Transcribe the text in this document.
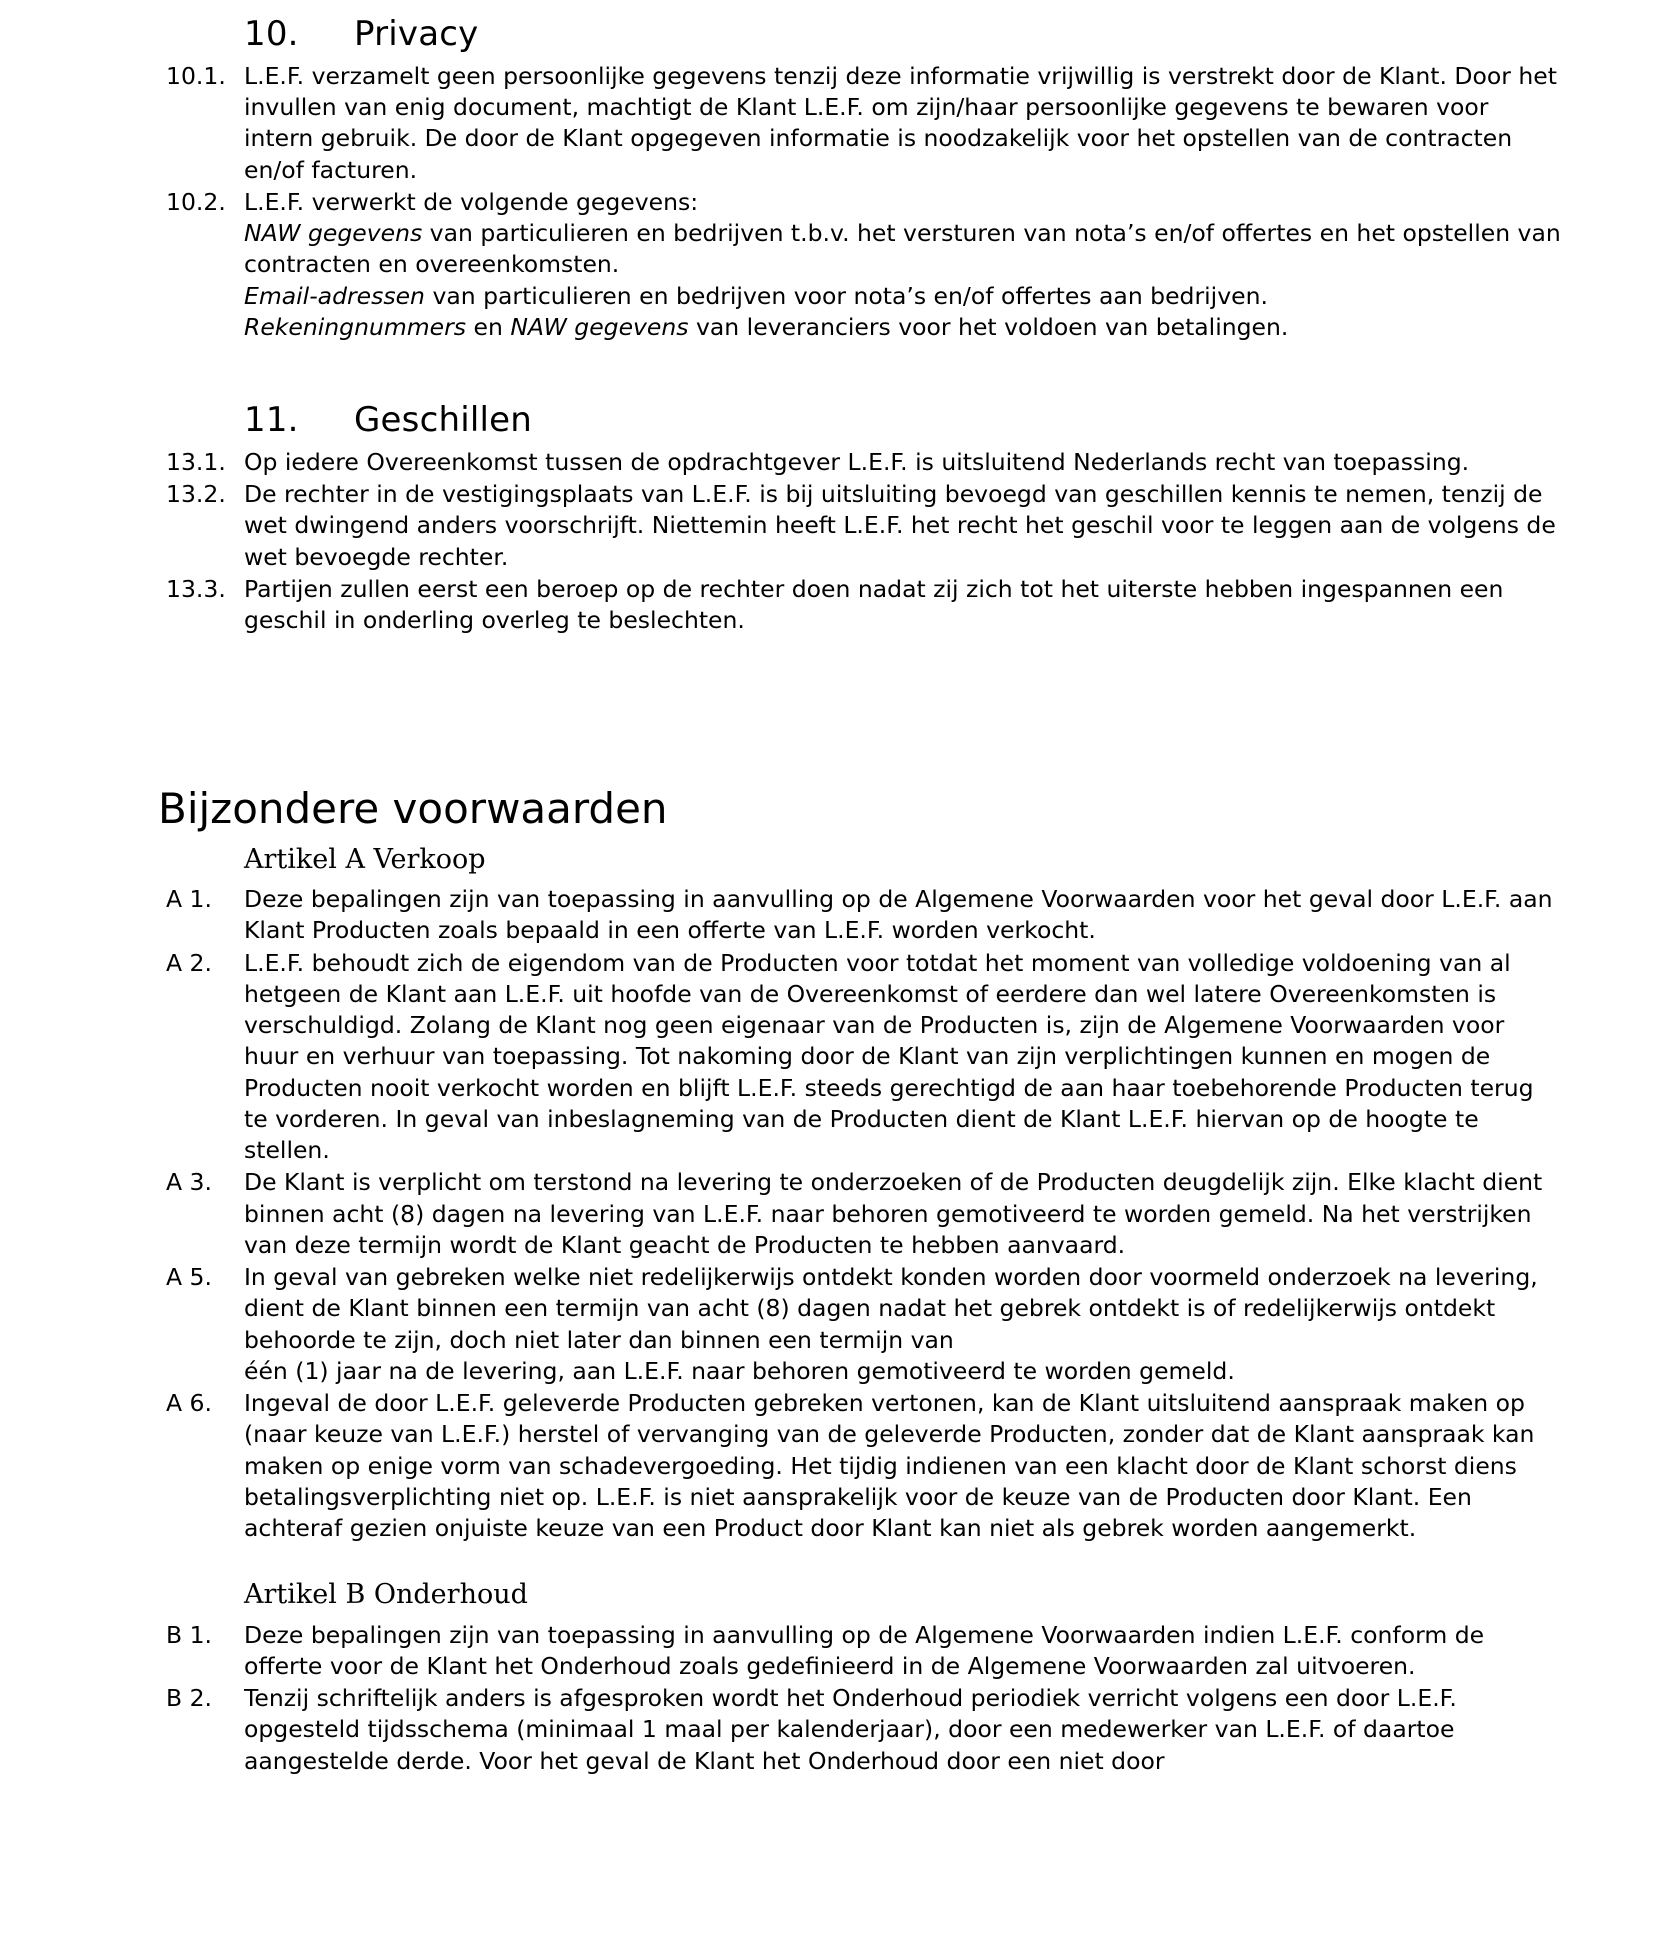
10. Privacy
10.1. L.E.F. verzamelt geen persoonlijke gegevens tenzij deze informatie vrijwillig is verstrekt door de Klant. Door het invullen van enig document, machtigt de Klant L.E.F. om zijn/haar persoonlijke gegevens te bewaren voor intern gebruik. De door de Klant opgegeven informatie is noodzakelijk voor het opstellen van de contracten en/of facturen.

10.2. L.E.F. verwerkt de volgende gegevens:

NAW gegevens van particulieren en bedrijven t.b.v. het versturen van nota’s en/of offertes en het opstellen van contracten en overeenkomsten.

Email-adressen van particulieren en bedrijven voor nota’s en/of offertes aan bedrijven.

Rekeningnummers en NAW gegevens van leveranciers voor het voldoen van betalingen.

11. Geschillen
13.1. Op iedere Overeenkomst tussen de opdrachtgever L.E.F. is uitsluitend Nederlands recht van toepassing.

13.2. De rechter in de vestigingsplaats van L.E.F. is bij uitsluiting bevoegd van geschillen kennis te nemen, tenzij de wet dwingend anders voorschrijft. Niettemin heeft L.E.F. het recht het geschil voor te leggen aan de volgens de wet bevoegde rechter.

13.3. Partijen zullen eerst een beroep op de rechter doen nadat zij zich tot het uiterste hebben ingespannen een geschil in onderling overleg te beslechten.

Bijzondere voorwaarden
Artikel A Verkoop
A 1.	Deze bepalingen zijn van toepassing in aanvulling op de Algemene Voorwaarden voor het geval door L.E.F. aan Klant Producten zoals bepaald in een offerte van L.E.F. worden verkocht.

A 2.	L.E.F. behoudt zich de eigendom van de Producten voor totdat het moment van volledige voldoening van al hetgeen de Klant aan L.E.F. uit hoofde van de Overeenkomst of eerdere dan wel latere Overeenkomsten is verschuldigd. Zolang de Klant nog geen eigenaar van de Producten is, zijn de Algemene Voorwaarden voor huur en verhuur van toepassing. Tot nakoming door de Klant van zijn verplichtingen kunnen en mogen de Producten nooit verkocht worden en blijft L.E.F. steeds gerechtigd de aan haar toebehorende Producten terug te vorderen. In geval van inbeslagneming van de Producten dient de Klant L.E.F. hiervan op de hoogte te stellen.

A 3.	De Klant is verplicht om terstond na levering te onderzoeken of de Producten deugdelijk zijn. Elke klacht dient binnen acht (8) dagen na levering van L.E.F. naar behoren gemotiveerd te worden gemeld. Na het verstrijken van deze termijn wordt de Klant geacht de Producten te hebben aanvaard.

A 5.	In geval van gebreken welke niet redelijkerwijs ontdekt konden worden door voormeld onderzoek na levering, dient de Klant binnen een termijn van acht (8) dagen nadat het gebrek ontdekt is of redelijkerwijs ontdekt behoorde te zijn, doch niet later dan binnen een termijn van

één (1) jaar na de levering, aan L.E.F. naar behoren gemotiveerd te worden gemeld.

A 6.	Ingeval de door L.E.F. geleverde Producten gebreken vertonen, kan de Klant uitsluitend aanspraak maken op (naar keuze van L.E.F.) herstel of vervanging van de geleverde Producten, zonder dat de Klant aanspraak kan maken op enige vorm van schadevergoeding. Het tijdig indienen van een klacht door de Klant schorst diens betalingsverplichting niet op. L.E.F. is niet aansprakelijk voor de keuze van de Producten door Klant. Een achteraf gezien onjuiste keuze van een Product door Klant kan niet als gebrek worden aangemerkt.

Artikel B Onderhoud
B 1.	Deze bepalingen zijn van toepassing in aanvulling op de Algemene Voorwaarden indien L.E.F. conform de offerte voor de Klant het Onderhoud zoals gedefinieerd in de Algemene Voorwaarden zal uitvoeren.

B 2.	Tenzij schriftelijk anders is afgesproken wordt het Onderhoud periodiek verricht volgens een door L.E.F. opgesteld tijdsschema (minimaal 1 maal per kalenderjaar), door een medewerker van L.E.F. of daartoe aangestelde derde. Voor het geval de Klant het Onderhoud door een niet door
